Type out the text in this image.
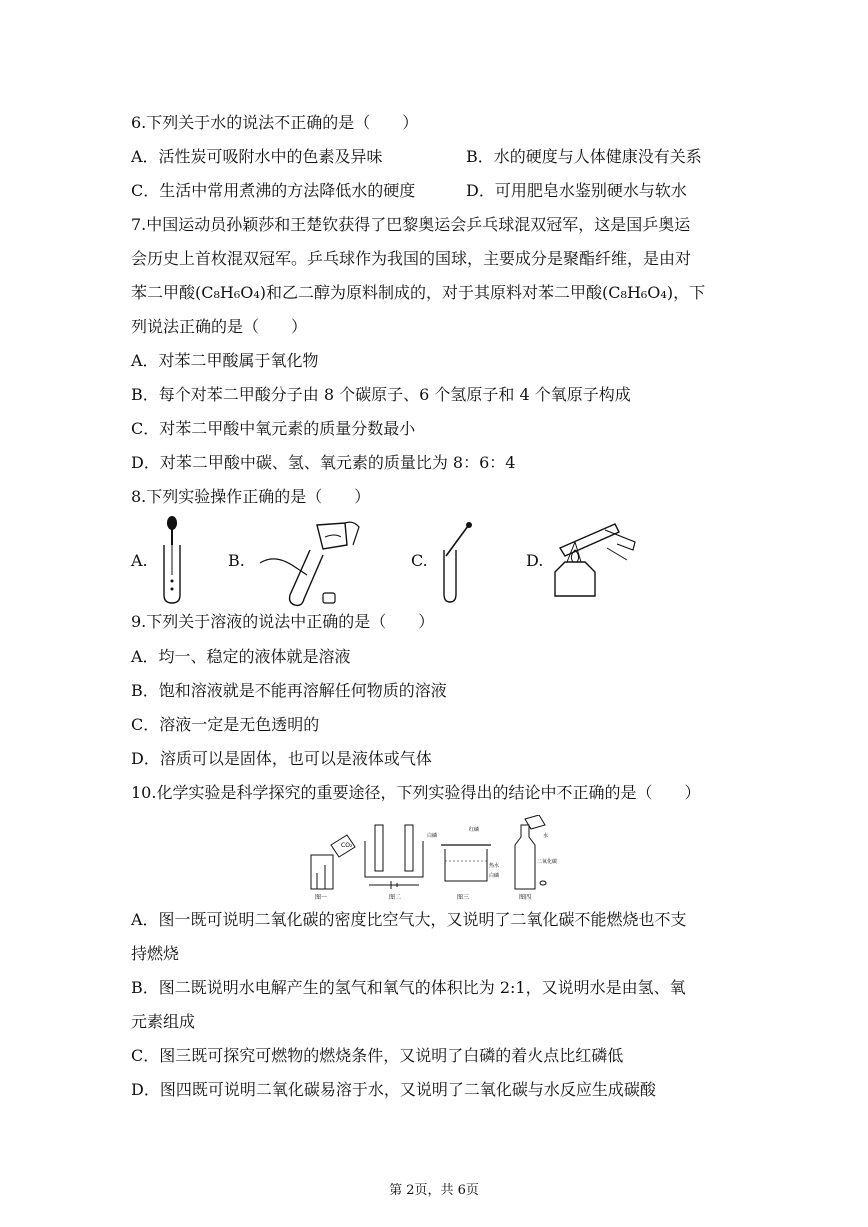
6.下列关于水的说法不正确的是（　　）
A．活性炭可吸附水中的色素及异味	B．水的硬度与人体健康没有关系
C．生活中常用煮沸的方法降低水的硬度	D．可用肥皂水鉴别硬水与软水
7.中国运动员孙颖莎和王楚钦获得了巴黎奥运会乒乓球混双冠军，这是国乒奥运
会历史上首枚混双冠军。乒乓球作为我国的国球，主要成分是聚酯纤维，是由对
苯二甲酸(C₈H₆O₄)和乙二醇为原料制成的，对于其原料对苯二甲酸(C₈H₆O₄)，下
列说法正确的是（　　）
A．对苯二甲酸属于氧化物
B．每个对苯二甲酸分子由 8 个碳原子、6 个氢原子和 4 个氧原子构成
C．对苯二甲酸中氧元素的质量分数最小
D．对苯二甲酸中碳、氢、氧元素的质量比为 8：6：4
8.下列实验操作正确的是（　　）
A.	B.	C.	D.
9.下列关于溶液的说法中正确的是（　　）
A．均一、稳定的液体就是溶液
B．饱和溶液就是不能再溶解任何物质的溶液
C．溶液一定是无色透明的
D．溶质可以是固体，也可以是液体或气体
10.化学实验是科学探究的重要途径，下列实验得出的结论中不正确的是（　　）
CO₂
图一	图二
白磷
红磷
热水
白磷
图三
二氧化碳
水
图四
A．图一既可说明二氧化碳的密度比空气大，又说明了二氧化碳不能燃烧也不支
持燃烧
B．图二既说明水电解产生的氢气和氧气的体积比为 2:1，又说明水是由氢、氧
元素组成
C．图三既可探究可燃物的燃烧条件，又说明了白磷的着火点比红磷低
D．图四既可说明二氧化碳易溶于水，又说明了二氧化碳与水反应生成碳酸
第 2页，共 6页
